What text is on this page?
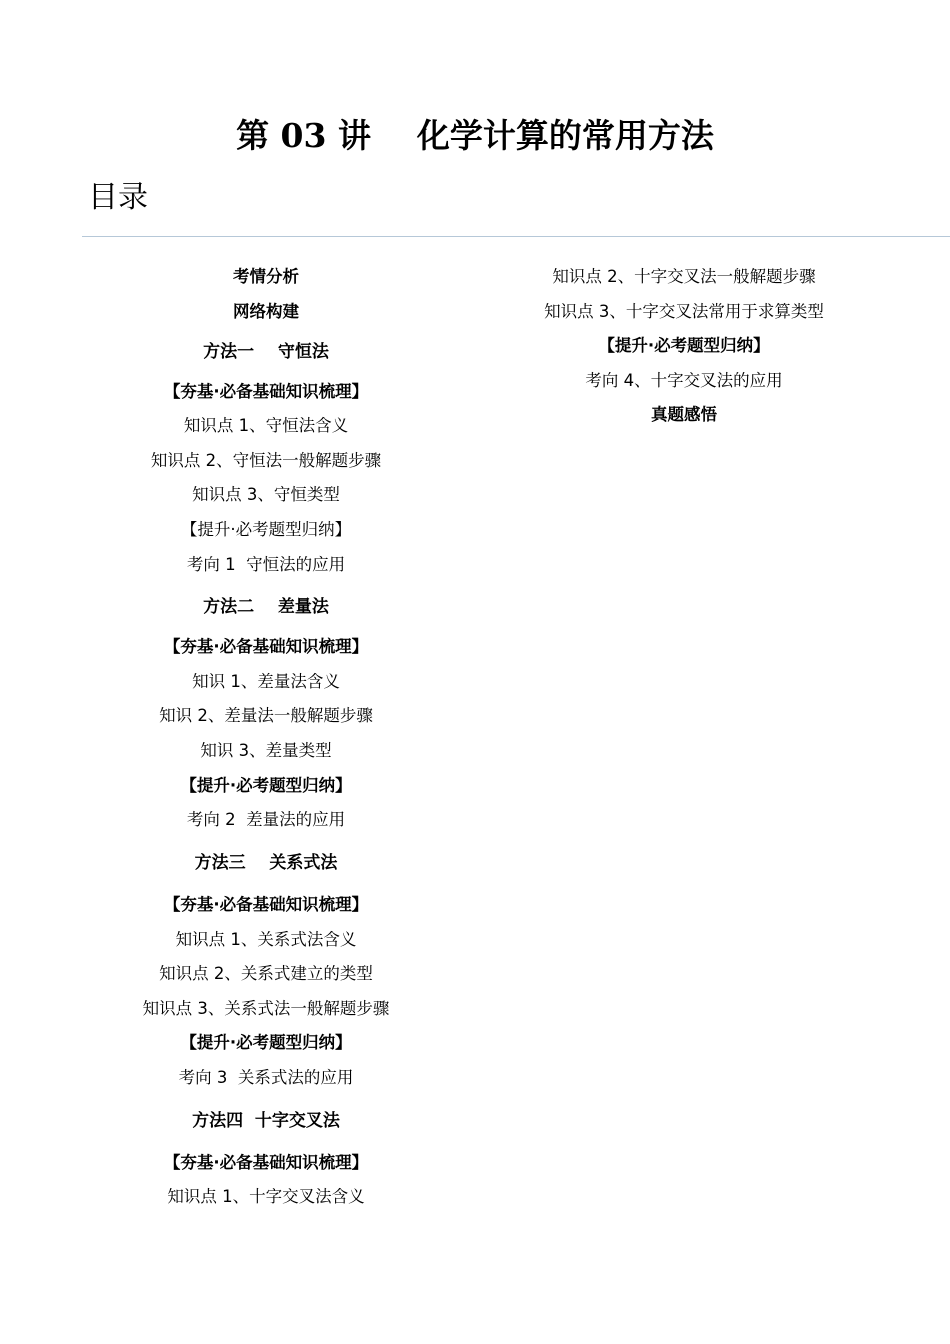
第 03 讲    化学计算的常用方法
目录
考情分析
网络构建
方法一    守恒法
【夯基·必备基础知识梳理】
知识点 1、守恒法含义
知识点 2、守恒法一般解题步骤
知识点 3、守恒类型
【提升·必考题型归纳】
考向 1  守恒法的应用
方法二    差量法
【夯基·必备基础知识梳理】
知识 1、差量法含义
知识 2、差量法一般解题步骤
知识 3、差量类型
【提升·必考题型归纳】
考向 2  差量法的应用
方法三    关系式法
【夯基·必备基础知识梳理】
知识点 1、关系式法含义
知识点 2、关系式建立的类型
知识点 3、关系式法一般解题步骤
【提升·必考题型归纳】
考向 3  关系式法的应用
方法四  十字交叉法
【夯基·必备基础知识梳理】
知识点 1、十字交叉法含义
知识点 2、十字交叉法一般解题步骤
知识点 3、十字交叉法常用于求算类型
【提升·必考题型归纳】
考向 4、十字交叉法的应用
真题感悟
